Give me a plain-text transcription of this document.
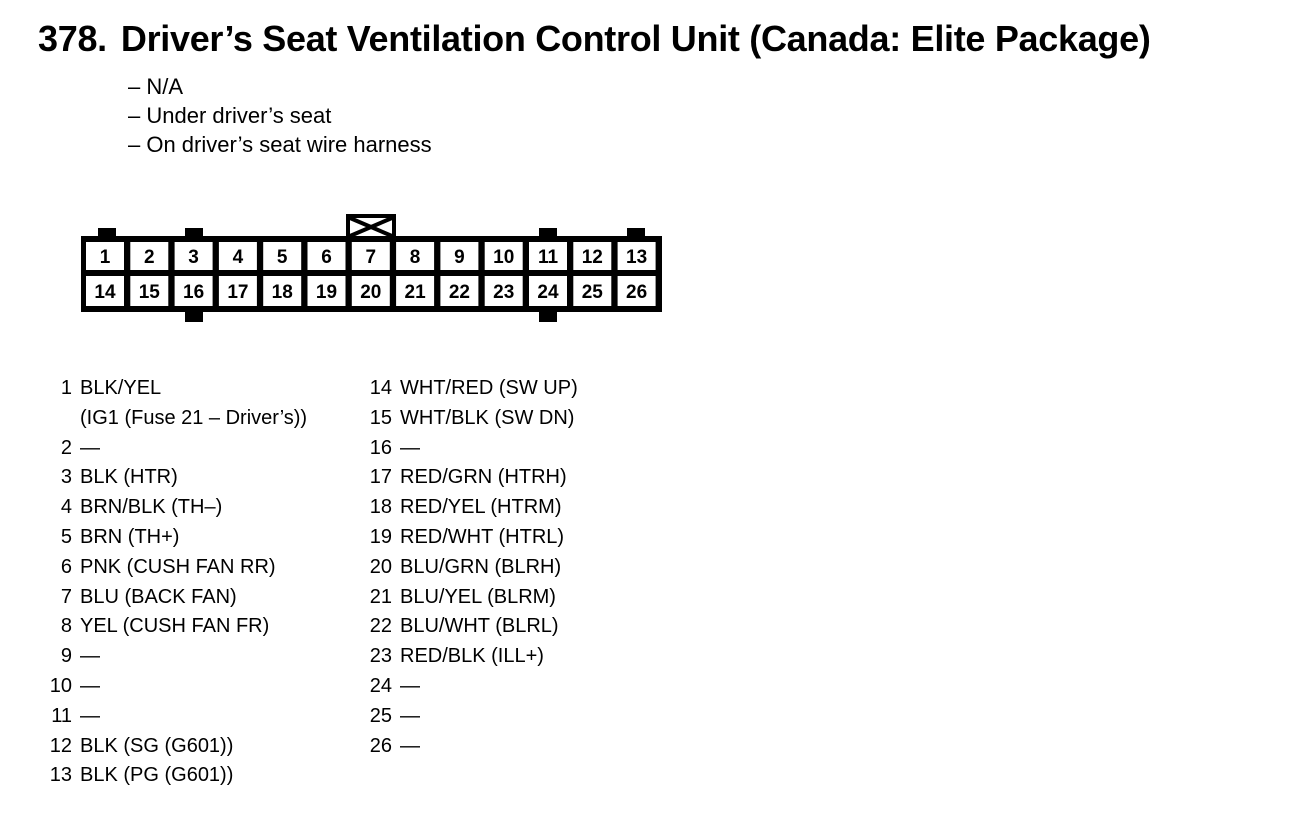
378. Driver’s Seat Ventilation Control Unit (Canada: Elite Package)
– N/A
– Under driver’s seat
– On driver’s seat wire harness
1 2 3 4 5 6 7 8 9 10 11 12 13
14 15 16 17 18 19 20 21 22 23 24 25 26
1 BLK/YEL
(IG1 (Fuse 21 – Driver’s))
2 —
3 BLK (HTR)
4 BRN/BLK (TH–)
5 BRN (TH+)
6 PNK (CUSH FAN RR)
7 BLU (BACK FAN)
8 YEL (CUSH FAN FR)
9 —
10 —
11 —
12 BLK (SG (G601))
13 BLK (PG (G601))
14 WHT/RED (SW UP)
15 WHT/BLK (SW DN)
16 —
17 RED/GRN (HTRH)
18 RED/YEL (HTRM)
19 RED/WHT (HTRL)
20 BLU/GRN (BLRH)
21 BLU/YEL (BLRM)
22 BLU/WHT (BLRL)
23 RED/BLK (ILL+)
24 —
25 —
26 —
